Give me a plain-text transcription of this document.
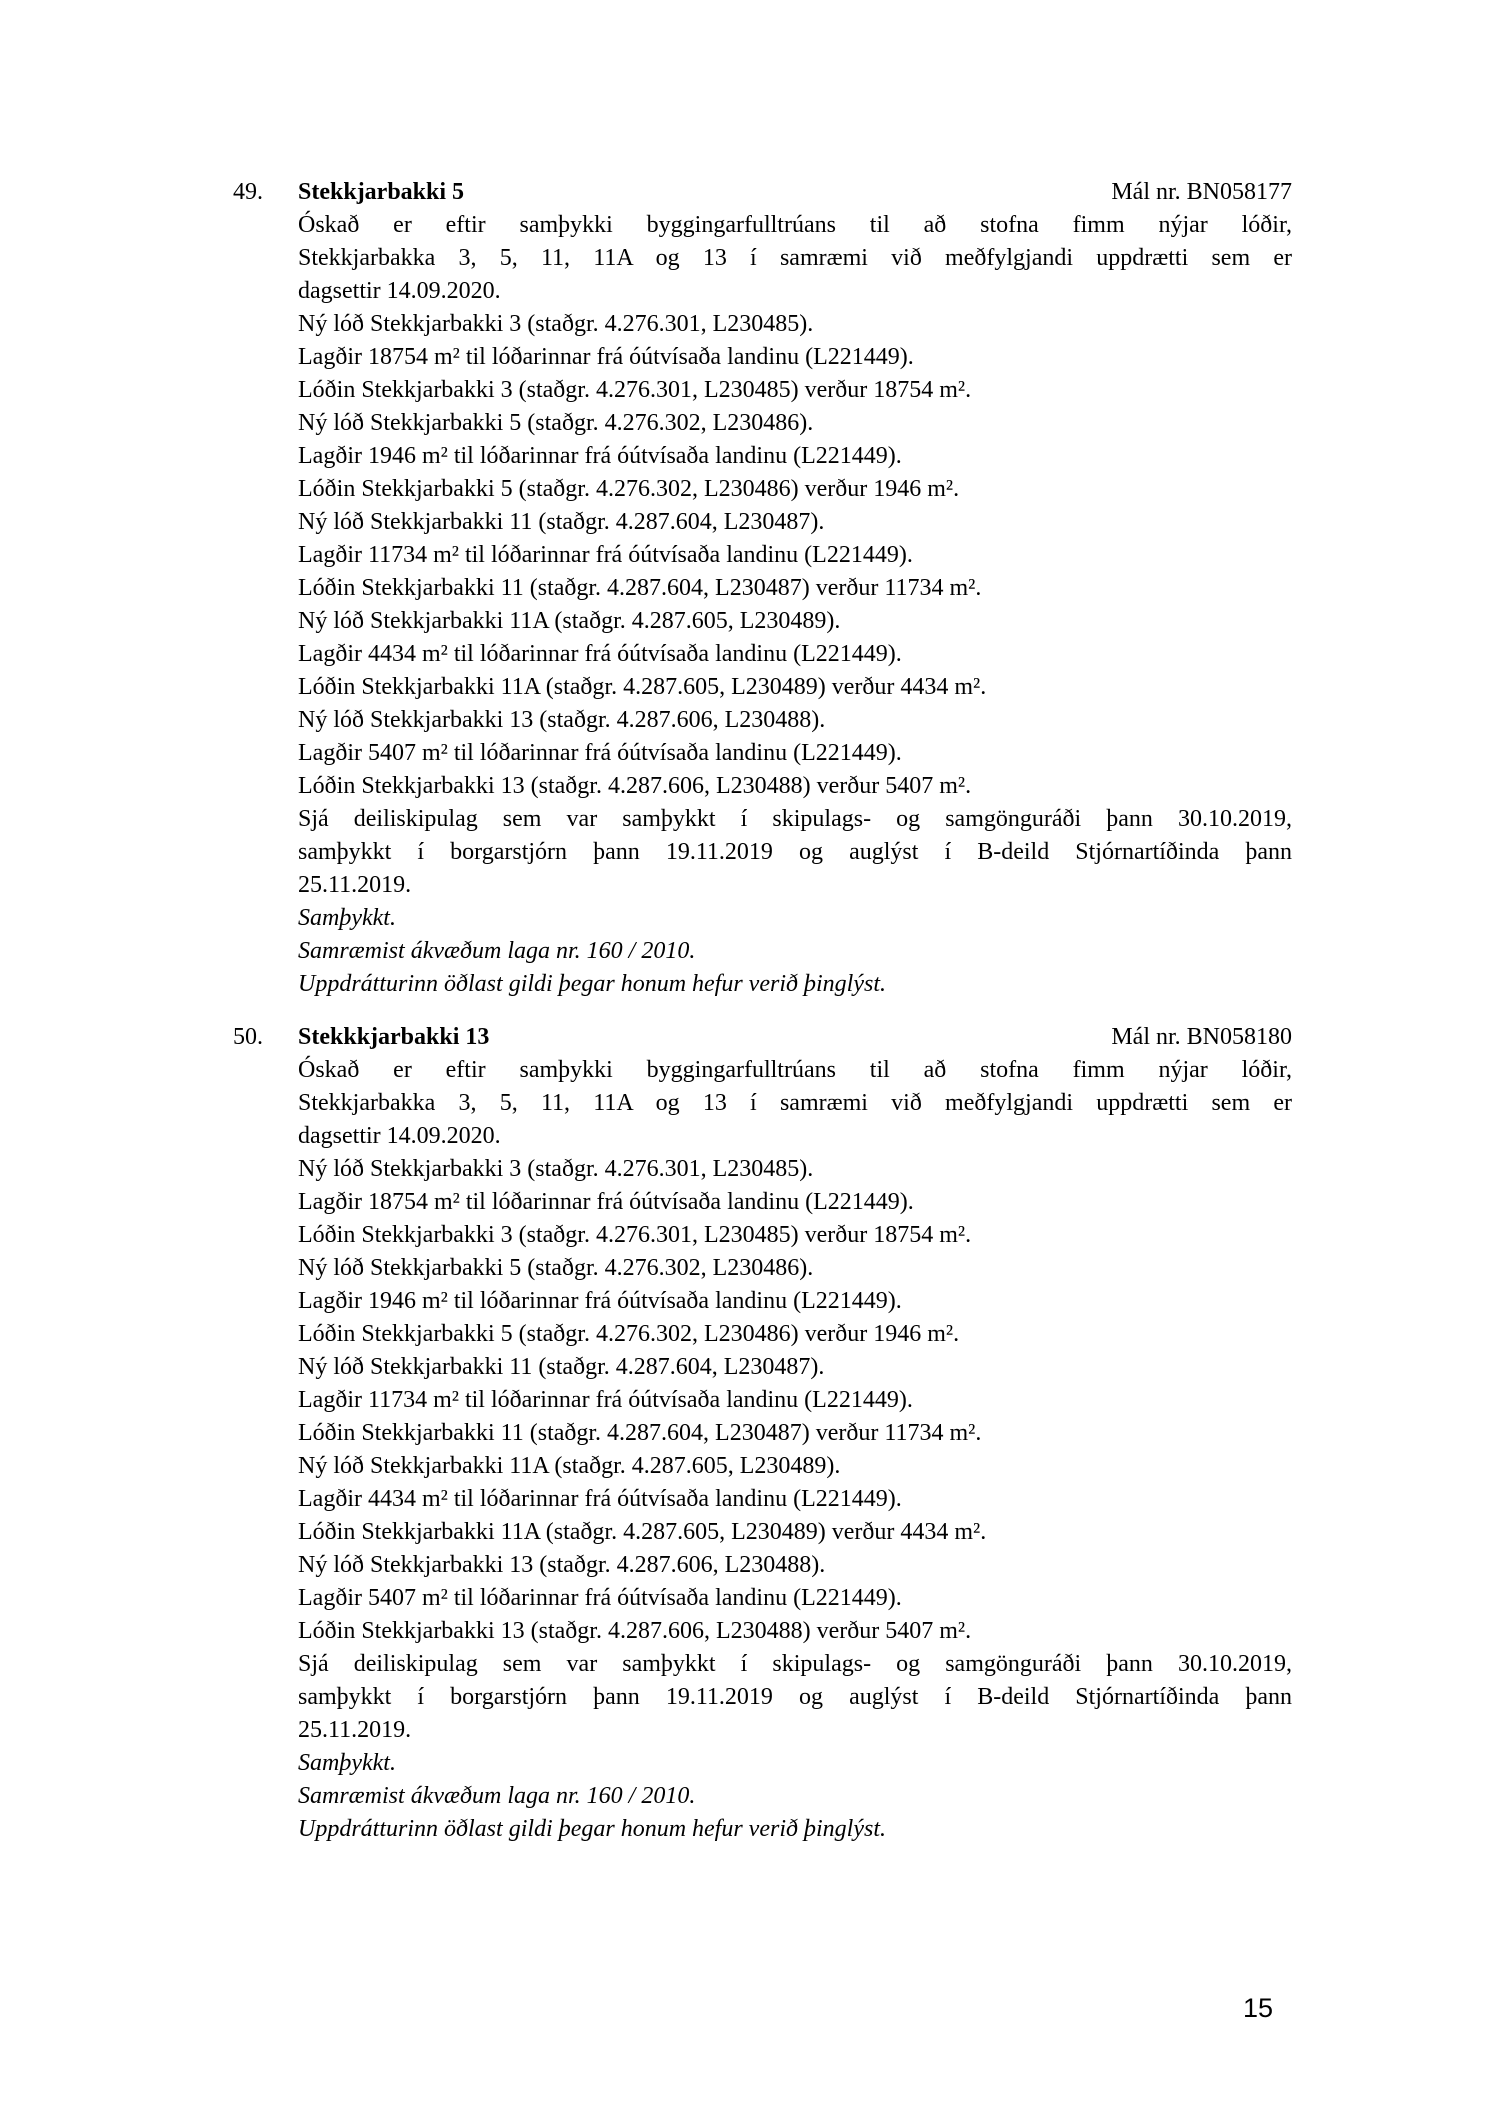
49.	Stekkjarbakki 5	Mál nr. BN058177
Óskað er eftir samþykki byggingarfulltrúans til að stofna fimm nýjar lóðir,
Stekkjarbakka 3, 5, 11, 11A og 13 í samræmi við meðfylgjandi uppdrætti sem er
dagsettir 14.09.2020.
Ný lóð Stekkjarbakki 3 (staðgr. 4.276.301, L230485).
Lagðir 18754 m² til lóðarinnar frá óútvísaða landinu (L221449).
Lóðin Stekkjarbakki 3 (staðgr. 4.276.301, L230485) verður 18754 m².
Ný lóð Stekkjarbakki 5 (staðgr. 4.276.302, L230486).
Lagðir 1946 m² til lóðarinnar frá óútvísaða landinu (L221449).
Lóðin Stekkjarbakki 5 (staðgr. 4.276.302, L230486) verður 1946 m².
Ný lóð Stekkjarbakki 11 (staðgr. 4.287.604, L230487).
Lagðir 11734 m² til lóðarinnar frá óútvísaða landinu (L221449).
Lóðin Stekkjarbakki 11 (staðgr. 4.287.604, L230487) verður 11734 m².
Ný lóð Stekkjarbakki 11A (staðgr. 4.287.605, L230489).
Lagðir 4434 m² til lóðarinnar frá óútvísaða landinu (L221449).
Lóðin Stekkjarbakki 11A (staðgr. 4.287.605, L230489) verður 4434 m².
Ný lóð Stekkjarbakki 13 (staðgr. 4.287.606, L230488).
Lagðir 5407 m² til lóðarinnar frá óútvísaða landinu (L221449).
Lóðin Stekkjarbakki 13 (staðgr. 4.287.606, L230488) verður 5407 m².
Sjá deiliskipulag sem var samþykkt í skipulags- og samgönguráði þann 30.10.2019,
samþykkt í borgarstjórn þann 19.11.2019 og auglýst í B-deild Stjórnartíðinda þann
25.11.2019.
Samþykkt.
Samræmist ákvæðum laga nr. 160 / 2010.
Uppdrátturinn öðlast gildi þegar honum hefur verið þinglýst.
50.	Stekkkjarbakki 13	Mál nr. BN058180
Óskað er eftir samþykki byggingarfulltrúans til að stofna fimm nýjar lóðir,
Stekkjarbakka 3, 5, 11, 11A og 13 í samræmi við meðfylgjandi uppdrætti sem er
dagsettir 14.09.2020.
Ný lóð Stekkjarbakki 3 (staðgr. 4.276.301, L230485).
Lagðir 18754 m² til lóðarinnar frá óútvísaða landinu (L221449).
Lóðin Stekkjarbakki 3 (staðgr. 4.276.301, L230485) verður 18754 m².
Ný lóð Stekkjarbakki 5 (staðgr. 4.276.302, L230486).
Lagðir 1946 m² til lóðarinnar frá óútvísaða landinu (L221449).
Lóðin Stekkjarbakki 5 (staðgr. 4.276.302, L230486) verður 1946 m².
Ný lóð Stekkjarbakki 11 (staðgr. 4.287.604, L230487).
Lagðir 11734 m² til lóðarinnar frá óútvísaða landinu (L221449).
Lóðin Stekkjarbakki 11 (staðgr. 4.287.604, L230487) verður 11734 m².
Ný lóð Stekkjarbakki 11A (staðgr. 4.287.605, L230489).
Lagðir 4434 m² til lóðarinnar frá óútvísaða landinu (L221449).
Lóðin Stekkjarbakki 11A (staðgr. 4.287.605, L230489) verður 4434 m².
Ný lóð Stekkjarbakki 13 (staðgr. 4.287.606, L230488).
Lagðir 5407 m² til lóðarinnar frá óútvísaða landinu (L221449).
Lóðin Stekkjarbakki 13 (staðgr. 4.287.606, L230488) verður 5407 m².
Sjá deiliskipulag sem var samþykkt í skipulags- og samgönguráði þann 30.10.2019,
samþykkt í borgarstjórn þann 19.11.2019 og auglýst í B-deild Stjórnartíðinda þann
25.11.2019.
Samþykkt.
Samræmist ákvæðum laga nr. 160 / 2010.
Uppdrátturinn öðlast gildi þegar honum hefur verið þinglýst.
15
